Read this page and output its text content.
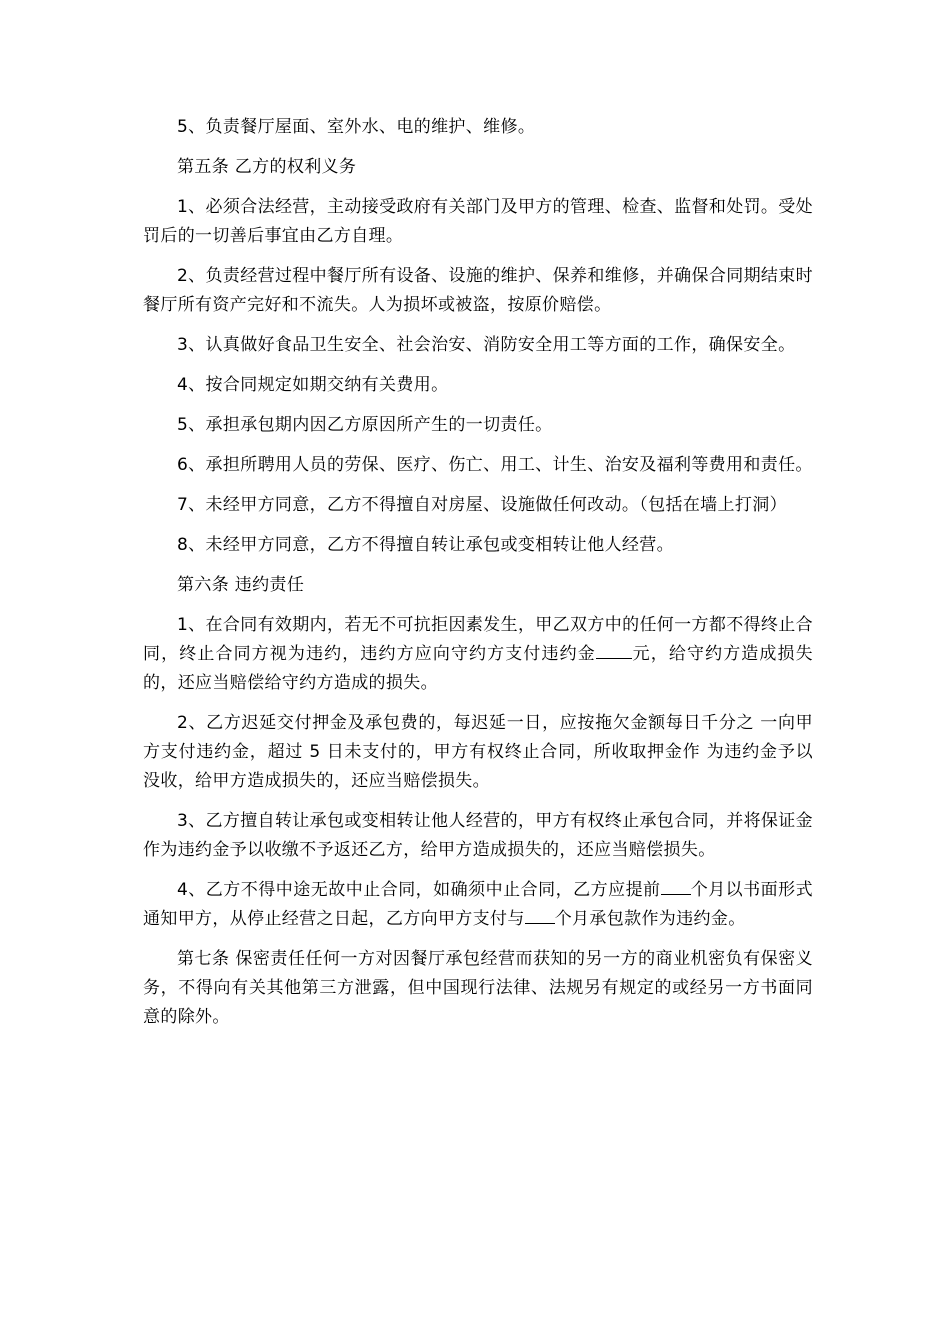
5、负责餐厅屋面、室外水、电的维护、维修。

第五条 乙方的权利义务

1、必须合法经营，主动接受政府有关部门及甲方的管理、检查、监督和处罚。受处罚后的一切善后事宜由乙方自理。

2、负责经营过程中餐厅所有设备、设施的维护、保养和维修，并确保合同期结束时餐厅所有资产完好和不流失。人为损坏或被盗，按原价赔偿。

3、认真做好食品卫生安全、社会治安、消防安全用工等方面的工作，确保安全。

4、按合同规定如期交纳有关费用。

5、承担承包期内因乙方原因所产生的一切责任。

6、承担所聘用人员的劳保、医疗、伤亡、用工、计生、治安及福利等费用和责任。

7、未经甲方同意，乙方不得擅自对房屋、设施做任何改动。（包括在墙上打洞）

8、未经甲方同意，乙方不得擅自转让承包或变相转让他人经营。

第六条 违约责任

1、在合同有效期内，若无不可抗拒因素发生，甲乙双方中的任何一方都不得终止合同，终止合同方视为违约，违约方应向守约方支付违约金 元，给守约方造成损失的，还应当赔偿给守约方造成的损失。

2、乙方迟延交付押金及承包费的，每迟延一日，应按拖欠金额每日千分之 一向甲方支付违约金，超过 5 日未支付的，甲方有权终止合同，所收取押金作 为违约金予以没收，给甲方造成损失的，还应当赔偿损失。

3、乙方擅自转让承包或变相转让他人经营的，甲方有权终止承包合同，并将保证金作为违约金予以收缴不予返还乙方，给甲方造成损失的，还应当赔偿损失。

4、乙方不得中途无故中止合同，如确须中止合同，乙方应提前 个月以书面形式通知甲方，从停止经营之日起，乙方向甲方支付与 个月承包款作为违约金。

第七条 保密责任任何一方对因餐厅承包经营而获知的另一方的商业机密负有保密义务，不得向有关其他第三方泄露，但中国现行法律、法规另有规定的或经另一方书面同意的除外。
